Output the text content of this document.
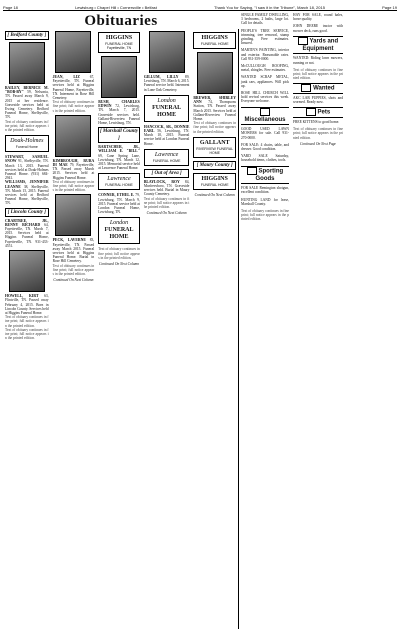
Page 18	Lewisburg • Chapel Hill • Cornersville • Belfast	Thank You for Saying, "I saw it in the Tribune", March 18, 2015	Page 19
Obituaries
[ Bedford County ]
BAILEY, BERNICE M. "BOB-BY" 59, Nelsonia, TN. Passed away March 9, 2015 at her residence. Graveside services held at Ewing Cemetery. Bedford Funeral Home, Shelbyville, TN.
Text of obituary continues in fine print; full notice appears in the printed edition.
Doak-Holmes
Funeral Home
STEWART, SAMUEL SNOW 91, Shelbyville, TN. March 13, 2015. Funeral services held at Doak-Holmes Funeral Home. (931) 684-2941.
WILLIAMS, JENNIFER LEANNE 38, Shelbyville, TN. March 15, 2015. Funeral services held at Bedford Funeral Home, Shelbyville, TN.
[ Lincoln County ]
CRABTREE, JR., BENNY RICHARD 64, Fayetteville, TN. March 7, 2015. Services held at Higgins Funeral Home, Fayetteville, TN. 931-433-4551.
HOWELL, KIRT 63, Flintville, TN. Passed away February 4, 2015. Born in Lincoln County. Services held at Higgins Funeral Home.
Text of obituary continues in fine print; full notice appears in the printed edition.
Text of obituary continues in fine print; full notice appears in the printed edition.
JEAN, LIZ	67, Fayetteville, TN. Funeral services held at Higgins Funeral Home, Fayetteville, TN. Interment in Rose Hill Cemetery.
Text of obituary continues in fine print; full notice appears in the printed edition.
KIMBROUGH, RUBA DI MAE 79, Fayetteville, TN. Passed away March 2015. Services held at Higgins Funeral Home.
Text of obituary continues in fine print; full notice appears in the printed edition.
PECK, LAVERNE 83, Fayetteville, TN. Passed away March 2015. Funeral services held at Higgins Funeral Home. Burial in Rose Hill Cemetery.
Text of obituary continues in fine print; full notice appears in the printed edition.
Continued On Next Column
HIGGINS
FUNERAL HOME
Fayetteville, TN
BUSH, CHARLES EDWIN 72, Lewisburg, TN. March 7, 2015. Graveside services held. Gallant-Riverview Funeral Home, Lewisburg, TN.
[ Marshall County ]
BARTSCHER, JR., WILLIAM E. "BILL" 69, Cane Spring Lane, Lewisburg, TN. March 12, 2015. Memorial service held at Lawrence Funeral Home.
Lawrence
FUNERAL HOME
CONNER, ETHEL E. 79, Lewisburg, TN. March 9, 2015. Funeral service held at London Funeral Home, Lewisburg, TN.
London
FUNERAL HOME
Text of obituary continues in fine print; full notice appears in the printed edition.
Continued On Next Column
GILLUM, LILLY 89, Lewisburg, TN. March 6, 2015. Funeral service held. Interment in Lone Oak Cemetery.
London
FUNERAL HOME
HANCOCK, SR., DONNIE EARL 56, Lewisburg, TN. March 10, 2015. Funeral service held at London Funeral Home.
Lawrence
FUNERAL HOME
[ Out of Area ]
BLAYLOCK, ROY 84, Murfreesboro, TN. Graveside services held. Burial in Maury County Cemetery.
Text of obituary continues in fine print; full notice appears in the printed edition.
Continued On Next Column
HIGGINS
FUNERAL HOME
BREWER, SHIRLEY ANN 74, Thompsons Station, TN. Passed away March 2015. Services held at Gallant-Riverview Funeral Home.
Text of obituary continues in fine print; full notice appears in the printed edition.
GALLANT
RIVERVIEW FUNERAL HOME
[ Maury County ]
HIGGINS
FUNERAL HOME
Continued On Next Column
SINGLE FAMILY DWELLING, 3 bedrooms, 2 baths, large lot. Call for details.
PEOPLE'S TREE SERVICE, trimming, tree removal, stump grinding. Free estimates. Insured.
MARTIN'S PAINTING, interior and exterior. Reasonable rates. Call 931-359-0000.
McCULLOUGH ROOFING, metal, shingles. Free estimates.
WANTED SCRAP METAL, junk cars, appliances. Will pick up.
ROSE HILL CHURCH WILL hold revival services this week. Everyone welcome.
Miscellaneous
GOOD USED LAWN MOWERS for sale. Call 931-270-0000.
FOR SALE: 4 chairs, table, and dresser. Good condition.
YARD SALE Saturday, household items, clothes, tools.
Sporting Goods
FOR SALE Remington shotgun, excellent condition.
HUNTING LAND for lease, Marshall County.
Text of obituary continues in fine print; full notice appears in the printed edition.
HAY FOR SALE, round bales, horse quality.
JOHN DEERE tractor with mower deck, runs good.
Yards and Equipment
WANTED: Riding lawn mowers, running or not.
Text of obituary continues in fine print; full notice appears in the printed edition.
Wanted
AKC LAB PUPPIES, shots and wormed. Ready now.
Pets
FREE KITTENS to good home.
Text of obituary continues in fine print; full notice appears in the printed edition.
Continued On Next Page
